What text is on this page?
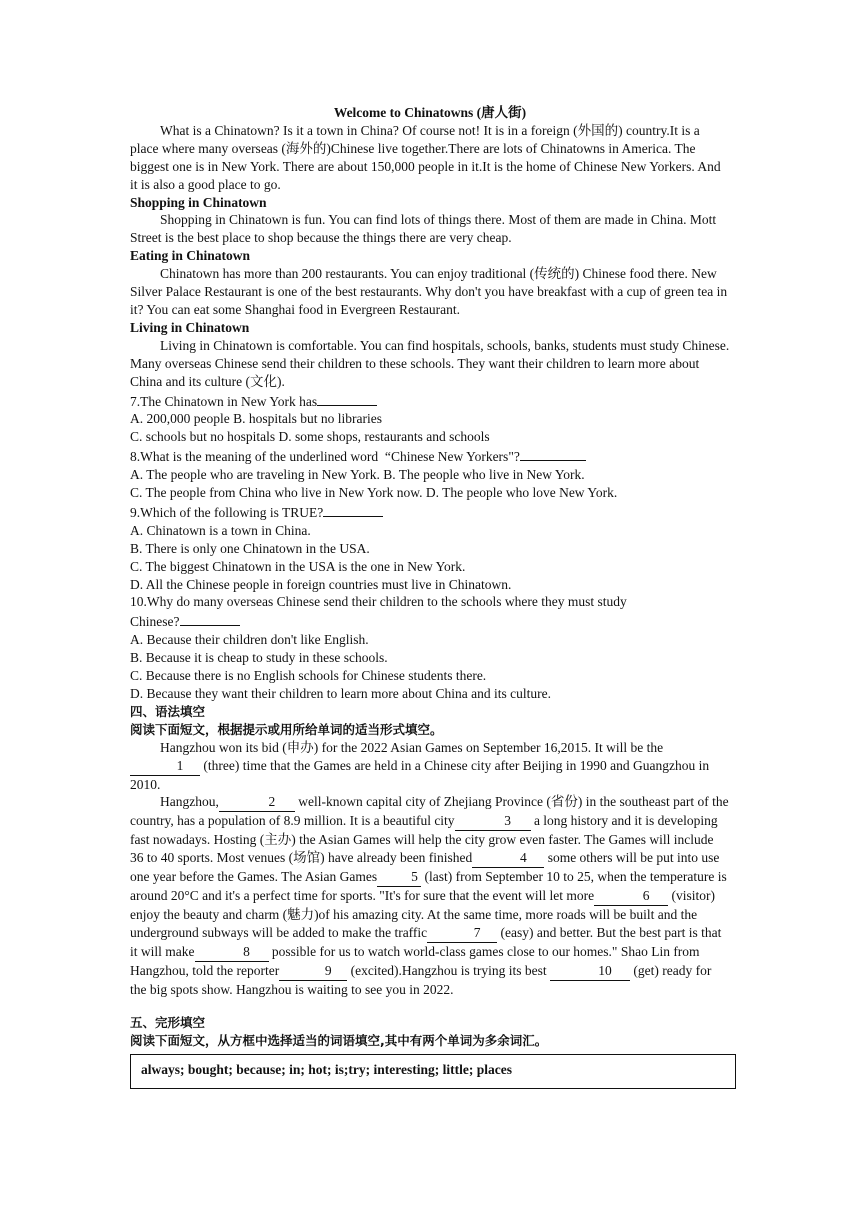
Welcome to Chinatowns (唐人街)

What is a Chinatown? Is it a town in China? Of course not! It is in a foreign (外国的) country.It is a place where many overseas (海外的)Chinese live together.There are lots of Chinatowns in America. The biggest one is in New York. There are about 150,000 people in it.It is the home of Chinese New Yorkers. And it is also a good place to go.

Shopping in Chinatown

Shopping in Chinatown is fun. You can find lots of things there. Most of them are made in China. Mott Street is the best place to shop because the things there are very cheap.

Eating in Chinatown

Chinatown has more than 200 restaurants. You can enjoy traditional (传统的) Chinese food there. New Silver Palace Restaurant is one of the best restaurants. Why don't you have breakfast with a cup of green tea in it? You can eat some Shanghai food in Evergreen Restaurant.

Living in Chinatown

Living in Chinatown is comfortable. You can find hospitals, schools, banks, students must study Chinese. Many overseas Chinese send their children to these schools. They want their children to learn more about China and its culture (文化).

7.The Chinatown in New York has

A. 200,000 people B. hospitals but no libraries

C. schools but no hospitals D. some shops, restaurants and schools

8.What is the meaning of the underlined word  “Chinese New Yorkers"?

A. The people who are traveling in New York. B. The people who live in New York.

C. The people from China who live in New York now. D. The people who love New York.

9.Which of the following is TRUE?

A. Chinatown is a town in China.

B. There is only one Chinatown in the USA.

C. The biggest Chinatown in the USA is the one in New York.

D. All the Chinese people in foreign countries must live in Chinatown.

10.Why do many overseas Chinese send their children to the schools where they must study

Chinese?

A. Because their children don't like English.

B. Because it is cheap to study in these schools.

C. Because there is no English schools for Chinese students there.

D. Because they want their children to learn more about China and its culture.

四、语法填空

阅读下面短文，根据提示或用所给单词的适当形式填空。

Hangzhou won its bid (申办) for the 2022 Asian Games on September 16,2015. It will be the 1 (three) time that the Games are held in a Chinese city after Beijing in 1990 and Guangzhou in 2010.

Hangzhou,	2 well-known capital city of Zhejiang Province (省份) in the southeast part of the country, has a population of 8.9 million. It is a beautiful city	3 a long history and it is developing fast nowadays. Hosting (主办) the Asian Games will help the city grow even faster. The Games will include 36 to 40 sports. Most venues (场馆) have already been finished	4 some others will be put into use one year before the Games. The Asian Games	5 (last) from September 10 to 25, when the temperature is around 20°C and it's a perfect time for sports. "It's for sure that the event will let more	6 (visitor) enjoy the beauty and charm (魅力)of his amazing city. At the same time, more roads will be built and the underground subways will be added to make the traffic	7 (easy) and better. But the best part is that it will make	8 possible for us to watch world-class games close to our homes." Shao Lin from Hangzhou, told the reporter	9 (excited).Hangzhou is trying its best	10 (get) ready for the big spots show. Hangzhou is waiting to see you in 2022.

五、完形填空

阅读下面短文，从方框中选择适当的词语填空,其中有两个单词为多余词汇。

always; bought; because; in; hot; is;try; interesting; little; places
